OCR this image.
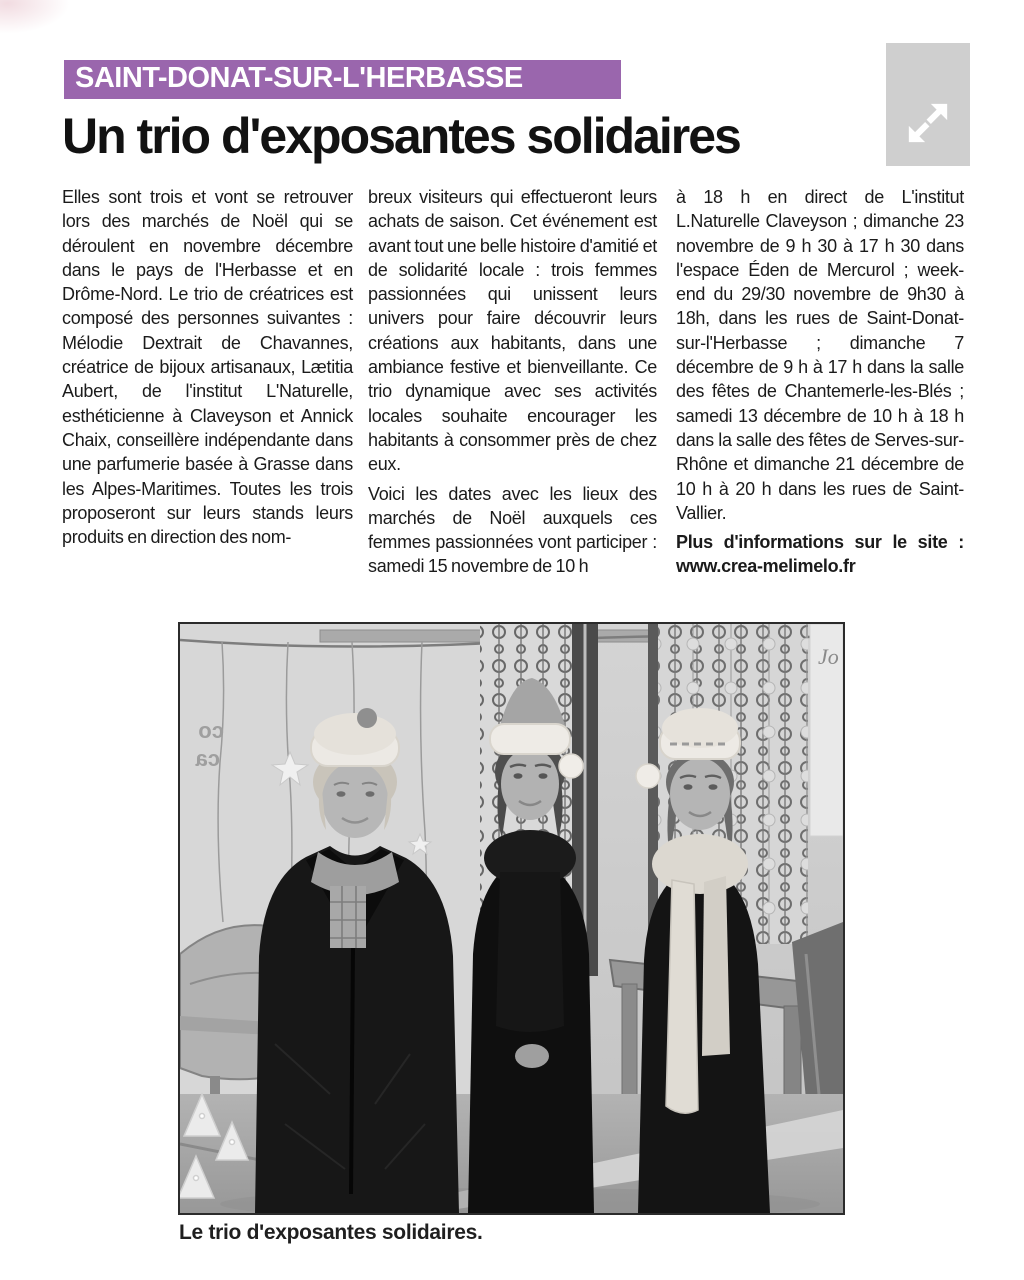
SAINT-DONAT-SUR-L'HERBASSE
Un trio d'exposantes solidaires

Elles sont trois et vont se retrouver lors des marchés de Noël qui se déroulent en novembre décembre dans le pays de l'Herbasse et en Drôme-Nord. Le trio de créatrices est composé des personnes suivantes : Mélodie Dextrait de Chavannes, créatrice de bijoux artisanaux, Lætitia Aubert, de l'institut L'Naturelle, esthéticienne à Claveyson et Annick Chaix, conseillère indépendante dans une parfumerie basée à Grasse dans les Alpes-Maritimes. Toutes les trois proposeront sur leurs stands leurs produits en direction des nom-

breux visiteurs qui effectueront leurs achats de saison. Cet événement est avant tout une belle histoire d'amitié et de solidarité locale : trois femmes passionnées qui unissent leurs univers pour faire découvrir leurs créations aux habitants, dans une ambiance festive et bienveillante. Ce trio dynamique avec ses activités locales souhaite encourager les habitants à consommer près de chez eux.

Voici les dates avec les lieux des marchés de Noël auxquels ces femmes passionnées vont participer : samedi 15 novembre de 10 h

à 18 h en direct de L'institut L.Naturelle Claveyson ; dimanche 23 novembre de 9 h 30 à 17 h 30 dans l'espace Éden de Mercurol ; week-end du 29/30 novembre de 9h30 à 18h, dans les rues de Saint-Donat-sur-l'Herbasse ; dimanche 7 décembre de 9 h à 17 h dans la salle des fêtes de Chantemerle-les-Blés ; samedi 13 décembre de 10 h à 18 h dans la salle des fêtes de Serves-sur-Rhône et dimanche 21 décembre de 10 h à 20 h dans les rues de Saint-Vallier.

Plus d'informations sur le site : www.crea-melimelo.fr

co
ca
Jo

Le trio d'exposantes solidaires.
